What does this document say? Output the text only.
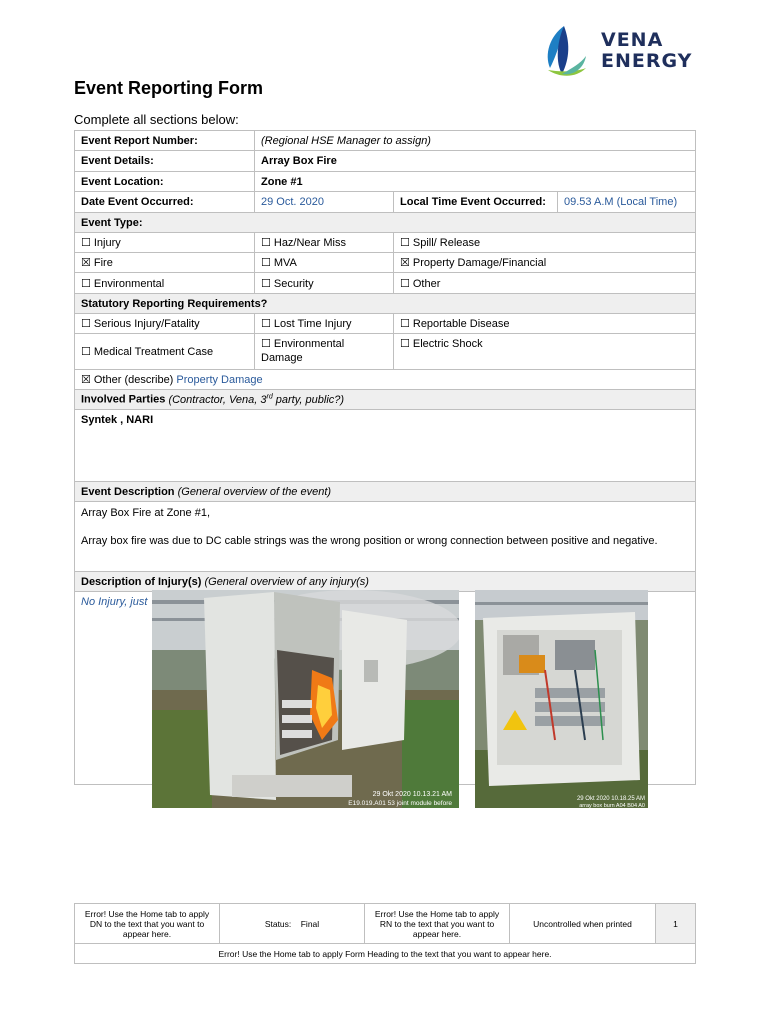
VENA
ENERGY
Event Reporting Form
Complete all sections below:
Event Report Number:	(Regional HSE Manager to assign)		
Event Details:	Array Box Fire		
Event Location:	Zone #1		
Date Event Occurred:	29 Oct. 2020	Local Time Event Occurred:	09.53 A.M (Local Time)
Event Type:			
☐ Injury	☐ Haz/Near Miss	☐ Spill/ Release	
☒ Fire	☐ MVA	☒ Property Damage/Financial	
☐ Environmental	☐ Security	☐ Other	
Statutory Reporting Requirements?			
☐ Serious Injury/Fatality	☐ Lost Time Injury	☐ Reportable Disease	
☐ Medical Treatment Case	☐ Environmental Damage	☐ Electric Shock	
☒ Other (describe) Property Damage			
Involved Parties (Contractor, Vena, 3rd party, public?)			
Syntek , NARI			
Event Description (General overview of the event)			

Array Box Fire at Zone #1,
Array box fire was due to DC cable strings was the wrong position or wrong connection between positive and negative.			

Description of Injury(s) (General overview of any injury(s)			
No Injury, just			
29 Okt 2020 10.13.21 AM
E19.019.A01 53 joint module before
29 Okt 2020 10.18.25 AM
array box burn A04 B04 A0
Error! Use the Home tab to apply DN to the text that you want to appear here.	Status: Final	Error! Use the Home tab to apply RN to the text that you want to appear here.	Uncontrolled when printed	1
Error! Use the Home tab to apply Form Heading to the text that you want to appear here.
